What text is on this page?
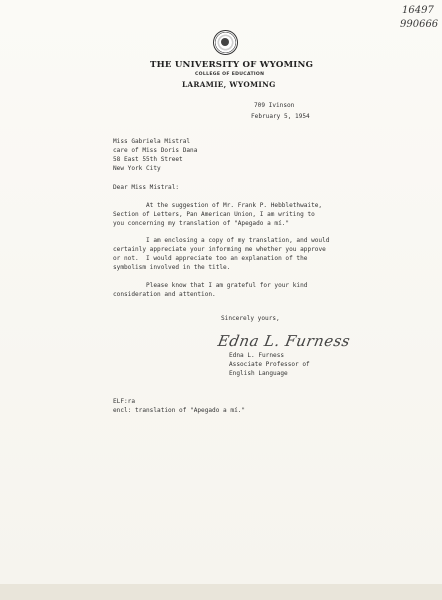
16497
990666
THE UNIVERSITY OF WYOMING
COLLEGE OF EDUCATION
LARAMIE, WYOMING
709 Ivinson
February 5, 1954
Miss Gabriela Mistral
care of Miss Doris Dana
58 East 55th Street
New York City
Dear Miss Mistral:
At the suggestion of Mr. Frank P. Hebblethwaite,
Section of Letters, Pan American Union, I am writing to
you concerning my translation of "Apegado a mí."
I am enclosing a copy of my translation, and would
certainly appreciate your informing me whether you approve
or not.  I would appreciate too an explanation of the
symbolism involved in the title.
Please know that I am grateful for your kind
consideration and attention.
Sincerely yours,
Edna L. Furness
Edna L. Furness
Associate Professor of
English Language
ELF:ra
encl: translation of "Apegado a mí."
